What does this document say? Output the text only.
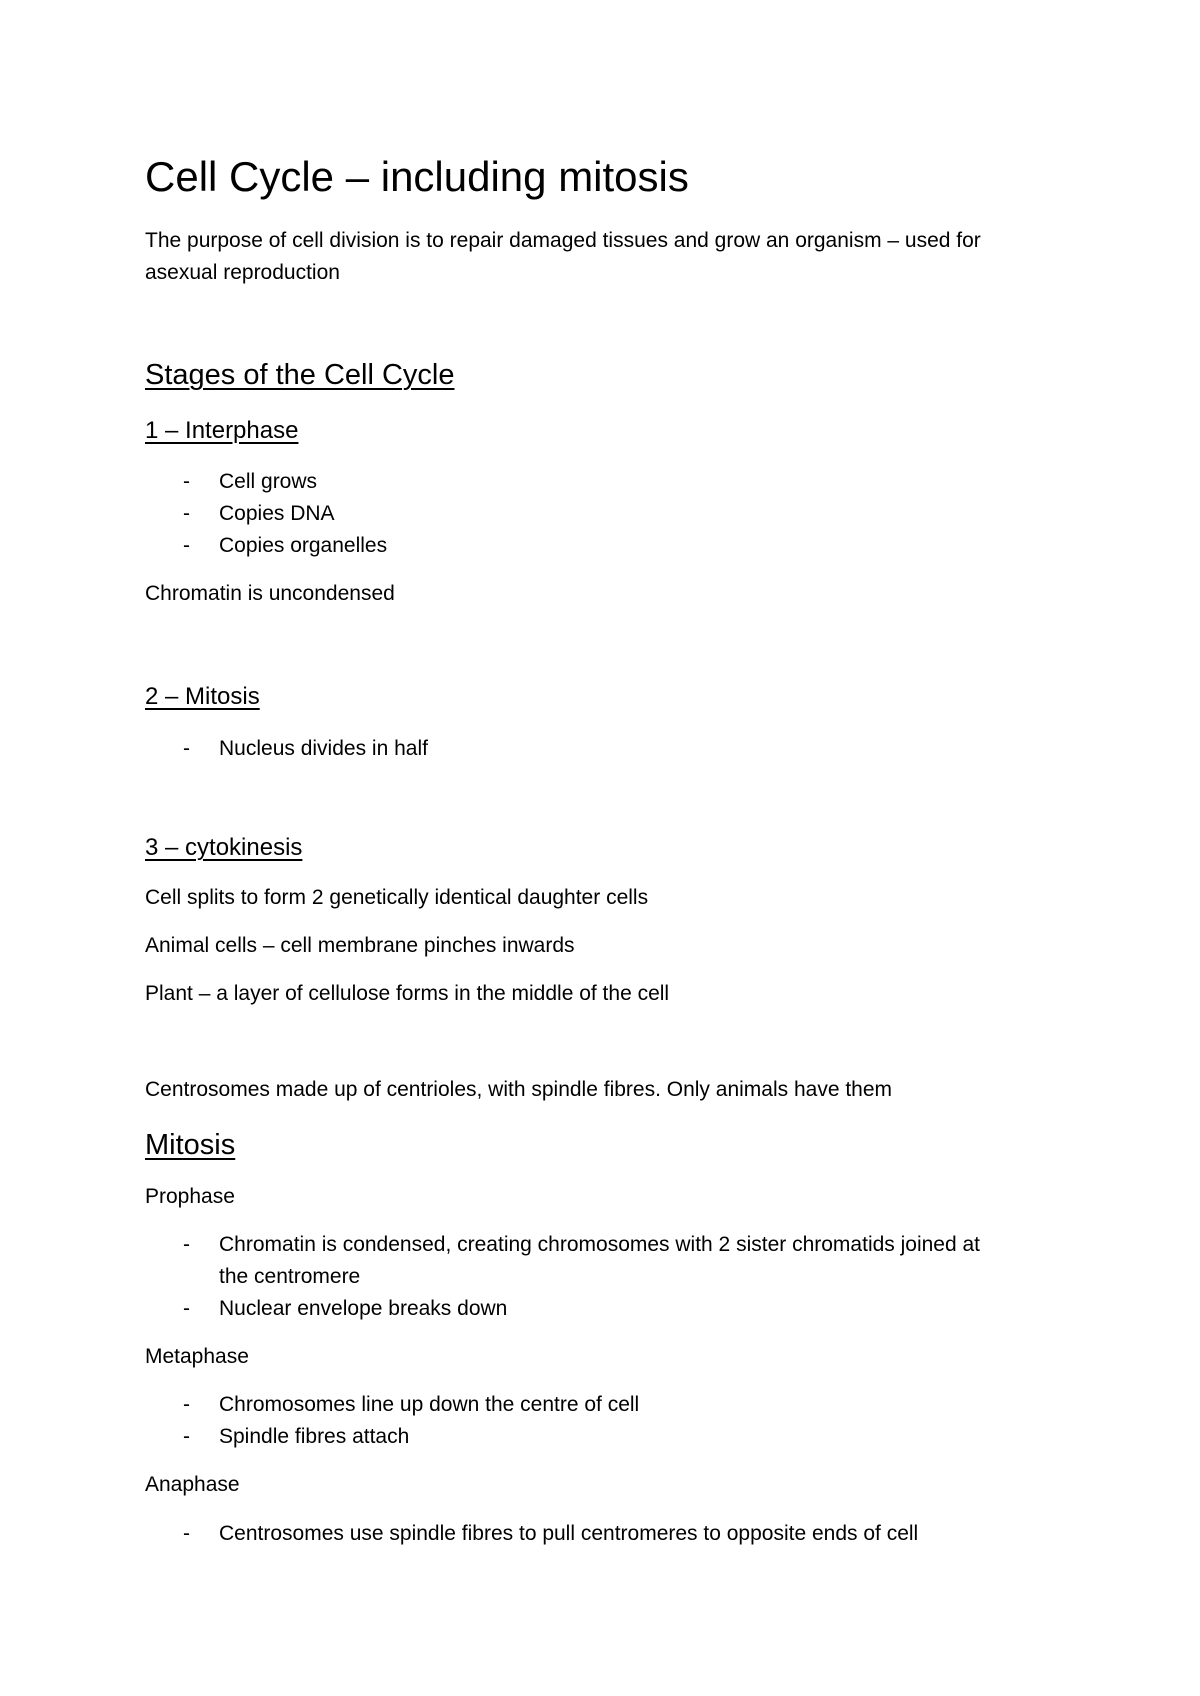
Cell Cycle – including mitosis

The purpose of cell division is to repair damaged tissues and grow an organism – used for

asexual reproduction

Stages of the Cell Cycle
1 – Interphase
- Cell grows
- Copies DNA
- Copies organelles

Chromatin is uncondensed

2 – Mitosis
- Nucleus divides in half
3 – cytokinesis

Cell splits to form 2 genetically identical daughter cells

Animal cells – cell membrane pinches inwards

Plant – a layer of cellulose forms in the middle of the cell

Centrosomes made up of centrioles, with spindle fibres. Only animals have them

Mitosis

Prophase

- Chromatin is condensed, creating chromosomes with 2 sister chromatids joined at
the centromere
- Nuclear envelope breaks down

Metaphase

- Chromosomes line up down the centre of cell
- Spindle fibres attach

Anaphase

- Centrosomes use spindle fibres to pull centromeres to opposite ends of cell
